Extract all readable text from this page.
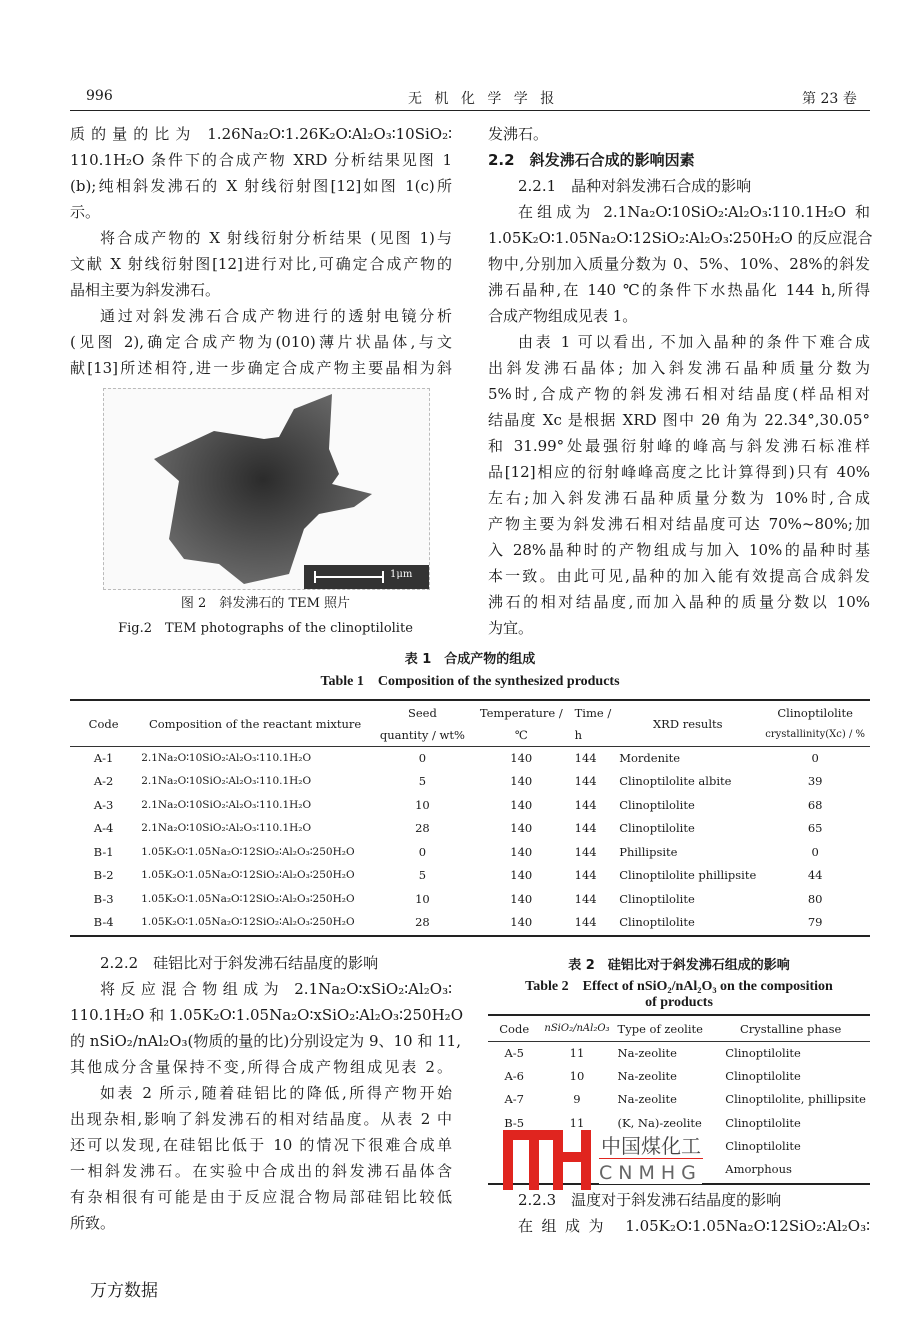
996	无 机 化 学 学 报	第 23 卷
质的量的比为 1.26Na₂O∶1.26K₂O∶Al₂O₃∶10SiO₂∶
110.1H₂O 条件下的合成产物 XRD 分析结果见图 1
(b);纯相斜发沸石的 X 射线衍射图[12]如图 1(c)所
示。
将合成产物的 X 射线衍射分析结果 (见图 1)与
文献 X 射线衍射图[12]进行对比,可确定合成产物的
晶相主要为斜发沸石。
通过对斜发沸石合成产物进行的透射电镜分析
(见图 2),确定合成产物为(010)薄片状晶体,与文
献[13]所述相符,进一步确定合成产物主要晶相为斜
1μm
图 2　斜发沸石的 TEM 照片
Fig.2　TEM photographs of the clinoptilolite
发沸石。
2.2　斜发沸石合成的影响因素
2.2.1　晶种对斜发沸石合成的影响
在组成为 2.1Na₂O∶10SiO₂∶Al₂O₃∶110.1H₂O 和
1.05K₂O∶1.05Na₂O∶12SiO₂∶Al₂O₃∶250H₂O 的反应混合
物中,分别加入质量分数为 0、5%、10%、28%的斜发
沸石晶种,在 140 ℃的条件下水热晶化 144 h,所得
合成产物组成见表 1。
由表 1 可以看出, 不加入晶种的条件下难合成
出斜发沸石晶体; 加入斜发沸石晶种质量分数为
5%时,合成产物的斜发沸石相对结晶度(样品相对
结晶度 Xc 是根据 XRD 图中 2θ 角为 22.34°,30.05°
和 31.99°处最强衍射峰的峰高与斜发沸石标准样
品[12]相应的衍射峰峰高度之比计算得到)只有 40%
左右;加入斜发沸石晶种质量分数为 10%时,合成
产物主要为斜发沸石相对结晶度可达 70%~80%;加
入 28%晶种时的产物组成与加入 10%的晶种时基
本一致。由此可见,晶种的加入能有效提高合成斜发
沸石的相对结晶度,而加入晶种的质量分数以 10%
为宜。
表 1　合成产物的组成
Table 1　Composition of the synthesized products
Code	Composition of the reactant mixture	Seed	Temperature /	Time /	XRD results	Clinoptilolite
		quantity / wt%	℃	h		crystallinity(Xc) / %
A-1	2.1Na₂O∶10SiO₂∶Al₂O₃∶110.1H₂O	0	140	144	Mordenite	0
A-2	2.1Na₂O∶10SiO₂∶Al₂O₃∶110.1H₂O	5	140	144	Clinoptilolite albite	39
A-3	2.1Na₂O∶10SiO₂∶Al₂O₃∶110.1H₂O	10	140	144	Clinoptilolite	68
A-4	2.1Na₂O∶10SiO₂∶Al₂O₃∶110.1H₂O	28	140	144	Clinoptilolite	65
B-1	1.05K₂O∶1.05Na₂O∶12SiO₂∶Al₂O₃∶250H₂O	0	140	144	Phillipsite	0
B-2	1.05K₂O∶1.05Na₂O∶12SiO₂∶Al₂O₃∶250H₂O	5	140	144	Clinoptilolite phillipsite	44
B-3	1.05K₂O∶1.05Na₂O∶12SiO₂∶Al₂O₃∶250H₂O	10	140	144	Clinoptilolite	80
B-4	1.05K₂O∶1.05Na₂O∶12SiO₂∶Al₂O₃∶250H₂O	28	140	144	Clinoptilolite	79
2.2.2　硅铝比对于斜发沸石结晶度的影响
将反应混合物组成为 2.1Na₂O∶xSiO₂∶Al₂O₃∶
110.1H₂O 和 1.05K₂O∶1.05Na₂O∶xSiO₂∶Al₂O₃∶250H₂O
的 nSiO₂/nAl₂O₃(物质的量的比)分别设定为 9、10 和 11,
其他成分含量保持不变,所得合成产物组成见表 2。
如表 2 所示,随着硅铝比的降低,所得产物开始
出现杂相,影响了斜发沸石的相对结晶度。从表 2 中
还可以发现,在硅铝比低于 10 的情况下很难合成单
一相斜发沸石。在实验中合成出的斜发沸石晶体含
有杂相很有可能是由于反应混合物局部硅铝比较低
所致。
表 2　硅铝比对于斜发沸石组成的影响
Table 2　Effect of nSiO₂/nAl₂O₃ on the composition
of products
Code	nSiO₂/nAl₂O₃	Type of zeolite	Crystalline phase
A-5	11	Na-zeolite	Clinoptilolite
A-6	10	Na-zeolite	Clinoptilolite
A-7	9	Na-zeolite	Clinoptilolite, phillipsite
B-5	11	(K, Na)-zeolite	Clinoptilolite
			Clinoptilolite
			Amorphous
中国煤化工
CNMHG
2.2.3　温度对于斜发沸石结晶度的影响
在组成为 1.05K₂O∶1.05Na₂O∶12SiO₂∶Al₂O₃∶
万方数据
